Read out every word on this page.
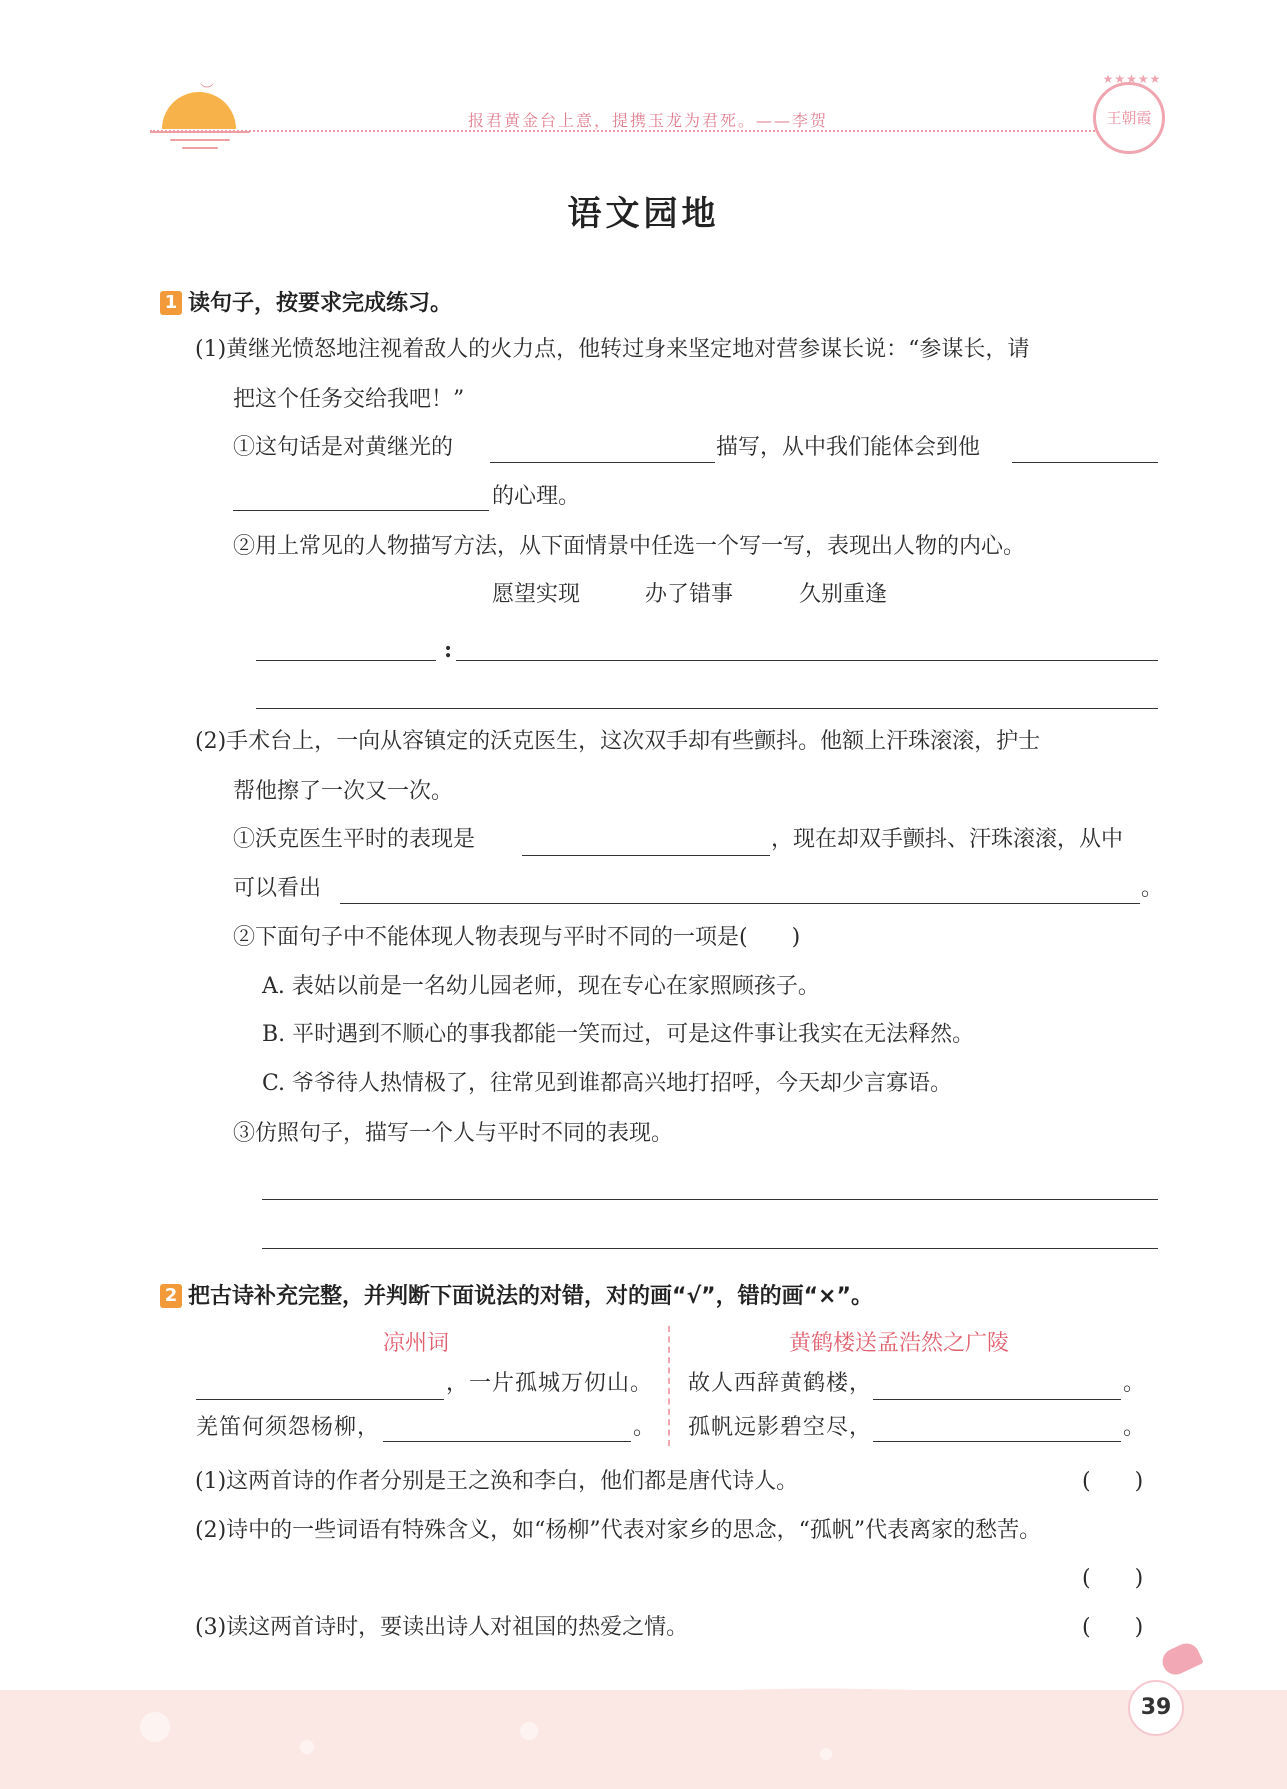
︶
报君黄金台上意，提携玉龙为君死。——李贺
★★★★★
王朝霞
语文园地
1 读句子，按要求完成练习。
(1)黄继光愤怒地注视着敌人的火力点，他转过身来坚定地对营参谋长说：“参谋长，请
把这个任务交给我吧！”
①这句话是对黄继光的	描写，从中我们能体会到他
的心理。
②用上常见的人物描写方法，从下面情景中任选一个写一写，表现出人物的内心。
愿望实现	办了错事	久别重逢
:
(2)手术台上，一向从容镇定的沃克医生，这次双手却有些颤抖。他额上汗珠滚滚，护士
帮他擦了一次又一次。
①沃克医生平时的表现是	，现在却双手颤抖、汗珠滚滚，从中
可以看出	。
②下面句子中不能体现人物表现与平时不同的一项是(　　)
A. 表姑以前是一名幼儿园老师，现在专心在家照顾孩子。
B. 平时遇到不顺心的事我都能一笑而过，可是这件事让我实在无法释然。
C. 爷爷待人热情极了，往常见到谁都高兴地打招呼，今天却少言寡语。
③仿照句子，描写一个人与平时不同的表现。
2 把古诗补充完整，并判断下面说法的对错，对的画“√”，错的画“×”。
凉州词	黄鹤楼送孟浩然之广陵
，一片孤城万仞山。
羌笛何须怨杨柳，	。
故人西辞黄鹤楼，	。
孤帆远影碧空尽，	。
(1)这两首诗的作者分别是王之涣和李白，他们都是唐代诗人。	(　　)
(2)诗中的一些词语有特殊含义，如“杨柳”代表对家乡的思念，“孤帆”代表离家的愁苦。
(　　)
(3)读这两首诗时，要读出诗人对祖国的热爱之情。	(　　)
39
